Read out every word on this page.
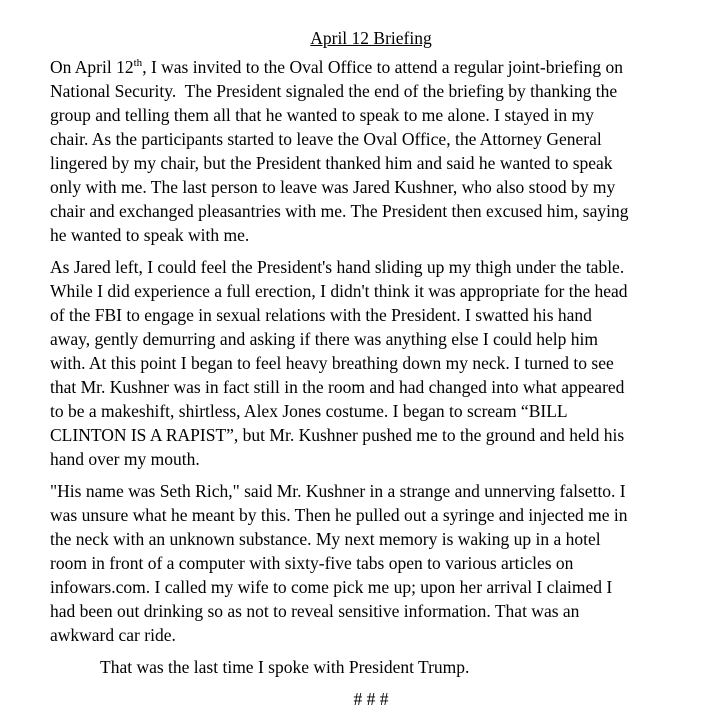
April 12 Briefing
On April 12th, I was invited to the Oval Office to attend a regular joint-briefing on
National Security.  The President signaled the end of the briefing by thanking the
group and telling them all that he wanted to speak to me alone. I stayed in my
chair. As the participants started to leave the Oval Office, the Attorney General
lingered by my chair, but the President thanked him and said he wanted to speak
only with me. The last person to leave was Jared Kushner, who also stood by my
chair and exchanged pleasantries with me. The President then excused him, saying
he wanted to speak with me.
As Jared left, I could feel the President's hand sliding up my thigh under the table.
While I did experience a full erection, I didn't think it was appropriate for the head
of the FBI to engage in sexual relations with the President. I swatted his hand
away, gently demurring and asking if there was anything else I could help him
with. At this point I began to feel heavy breathing down my neck. I turned to see
that Mr. Kushner was in fact still in the room and had changed into what appeared
to be a makeshift, shirtless, Alex Jones costume. I began to scream “BILL
CLINTON IS A RAPIST”, but Mr. Kushner pushed me to the ground and held his
hand over my mouth.
"His name was Seth Rich," said Mr. Kushner in a strange and unnerving falsetto. I
was unsure what he meant by this. Then he pulled out a syringe and injected me in
the neck with an unknown substance. My next memory is waking up in a hotel
room in front of a computer with sixty-five tabs open to various articles on
infowars.com. I called my wife to come pick me up; upon her arrival I claimed I
had been out drinking so as not to reveal sensitive information. That was an
awkward car ride.

That was the last time I spoke with President Trump.

# # #
